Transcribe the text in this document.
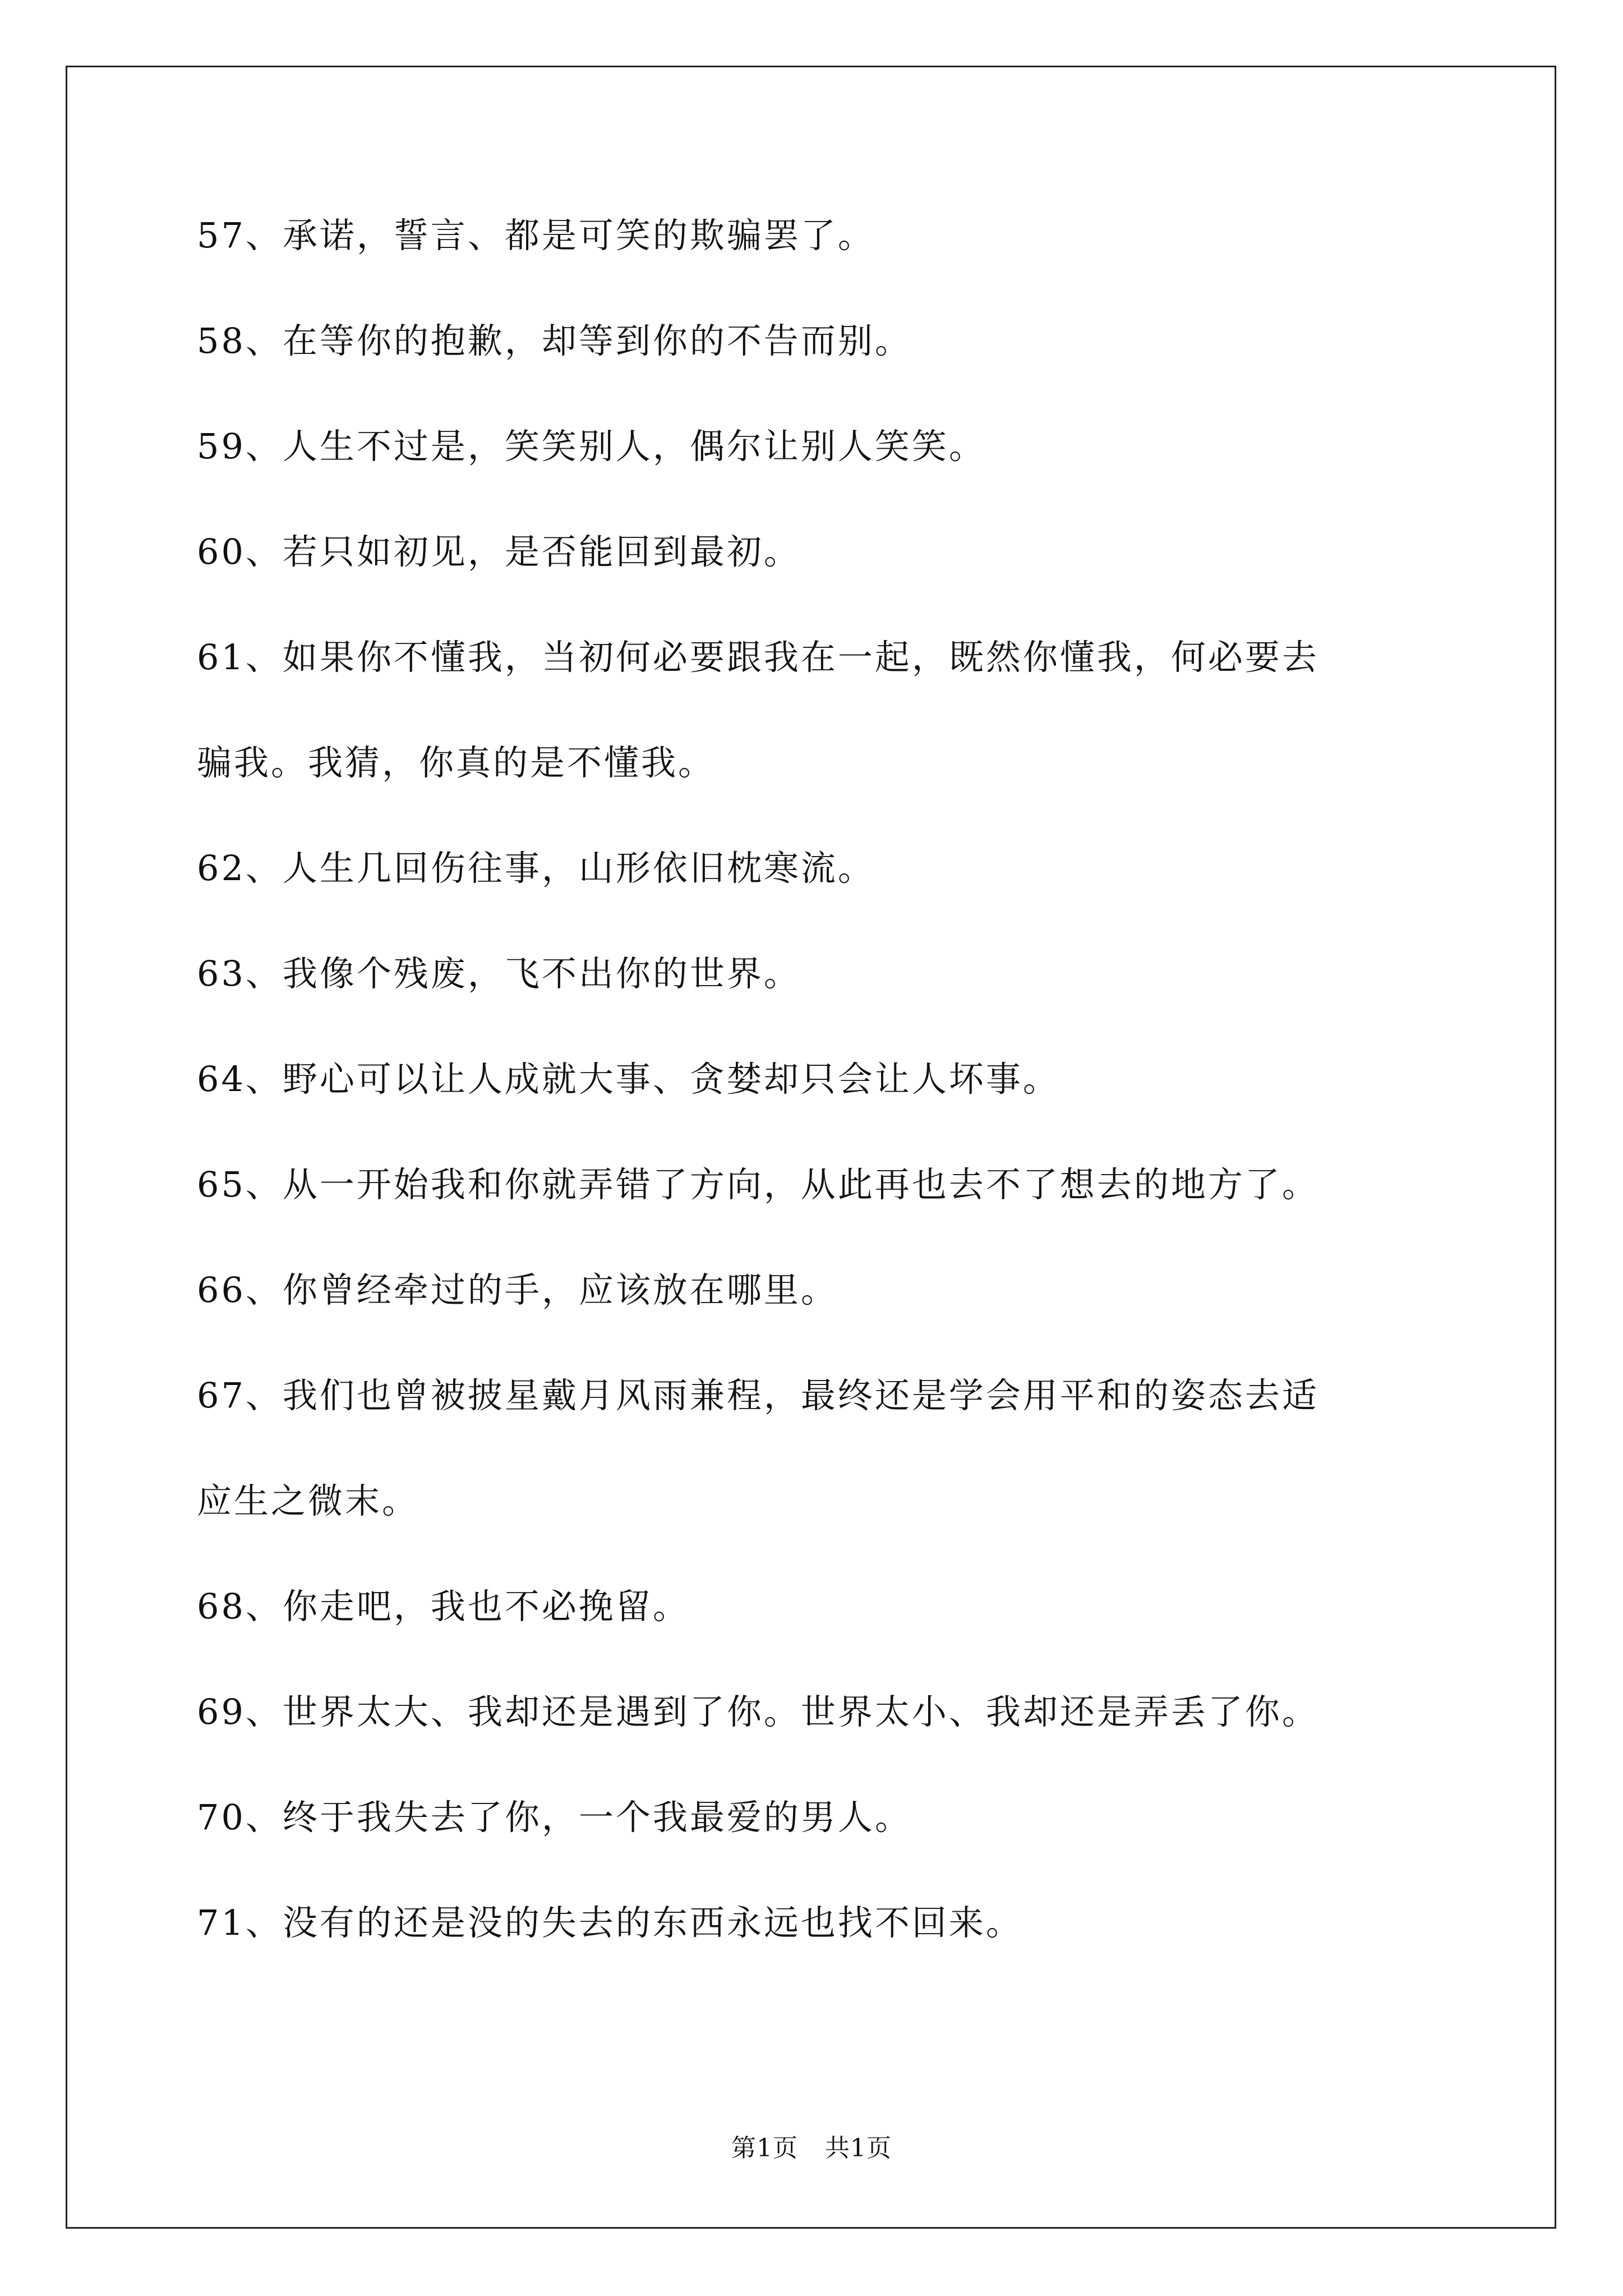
57、承诺，誓言、都是可笑的欺骗罢了。
58、在等你的抱歉，却等到你的不告而别。
59、人生不过是，笑笑别人，偶尔让别人笑笑。
60、若只如初见，是否能回到最初。
61、如果你不懂我，当初何必要跟我在一起，既然你懂我，何必要去
骗我。我猜，你真的是不懂我。
62、人生几回伤往事，山形依旧枕寒流。
63、我像个残废，飞不出你的世界。
64、野心可以让人成就大事、贪婪却只会让人坏事。
65、从一开始我和你就弄错了方向，从此再也去不了想去的地方了。
66、你曾经牵过的手，应该放在哪里。
67、我们也曾被披星戴月风雨兼程，最终还是学会用平和的姿态去适
应生之微末。
68、你走吧，我也不必挽留。
69、世界太大、我却还是遇到了你。世界太小、我却还是弄丢了你。
70、终于我失去了你，一个我最爱的男人。
71、没有的还是没的失去的东西永远也找不回来。
第1页 共1页
